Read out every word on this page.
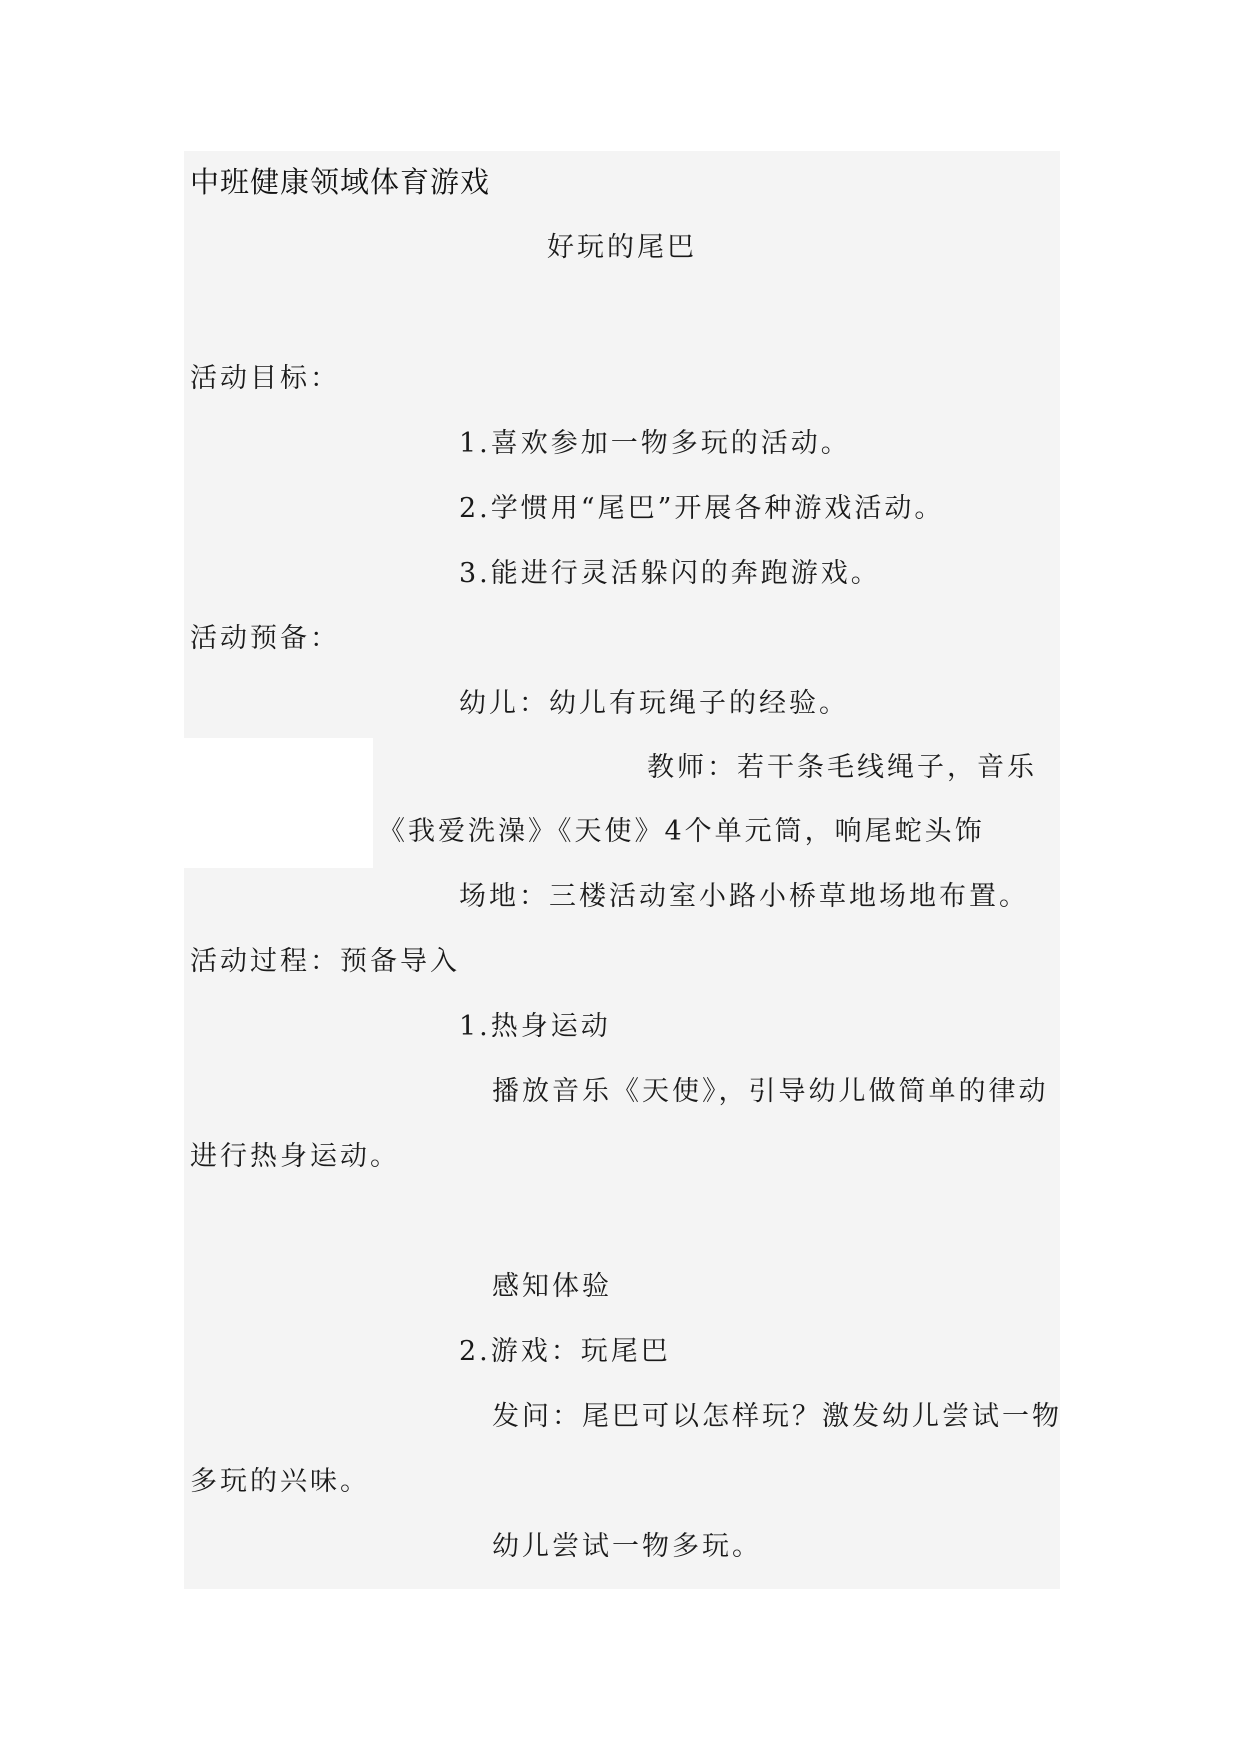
中班健康领域体育游戏
好玩的尾巴
活动目标：
1.喜欢参加一物多玩的活动。
2.学惯用“尾巴”开展各种游戏活动。
3.能进行灵活躲闪的奔跑游戏。
活动预备：
幼儿：幼儿有玩绳子的经验。
教师：若干条毛线绳子，音乐
《我爱洗澡》《天使》4个单元筒，响尾蛇头饰
场地：三楼活动室小路小桥草地场地布置。
活动过程：预备导入
1.热身运动
播放音乐《天使》，引导幼儿做简单的律动
进行热身运动。
感知体验
2.游戏：玩尾巴
发问：尾巴可以怎样玩？激发幼儿尝试一物
多玩的兴味。
幼儿尝试一物多玩。
